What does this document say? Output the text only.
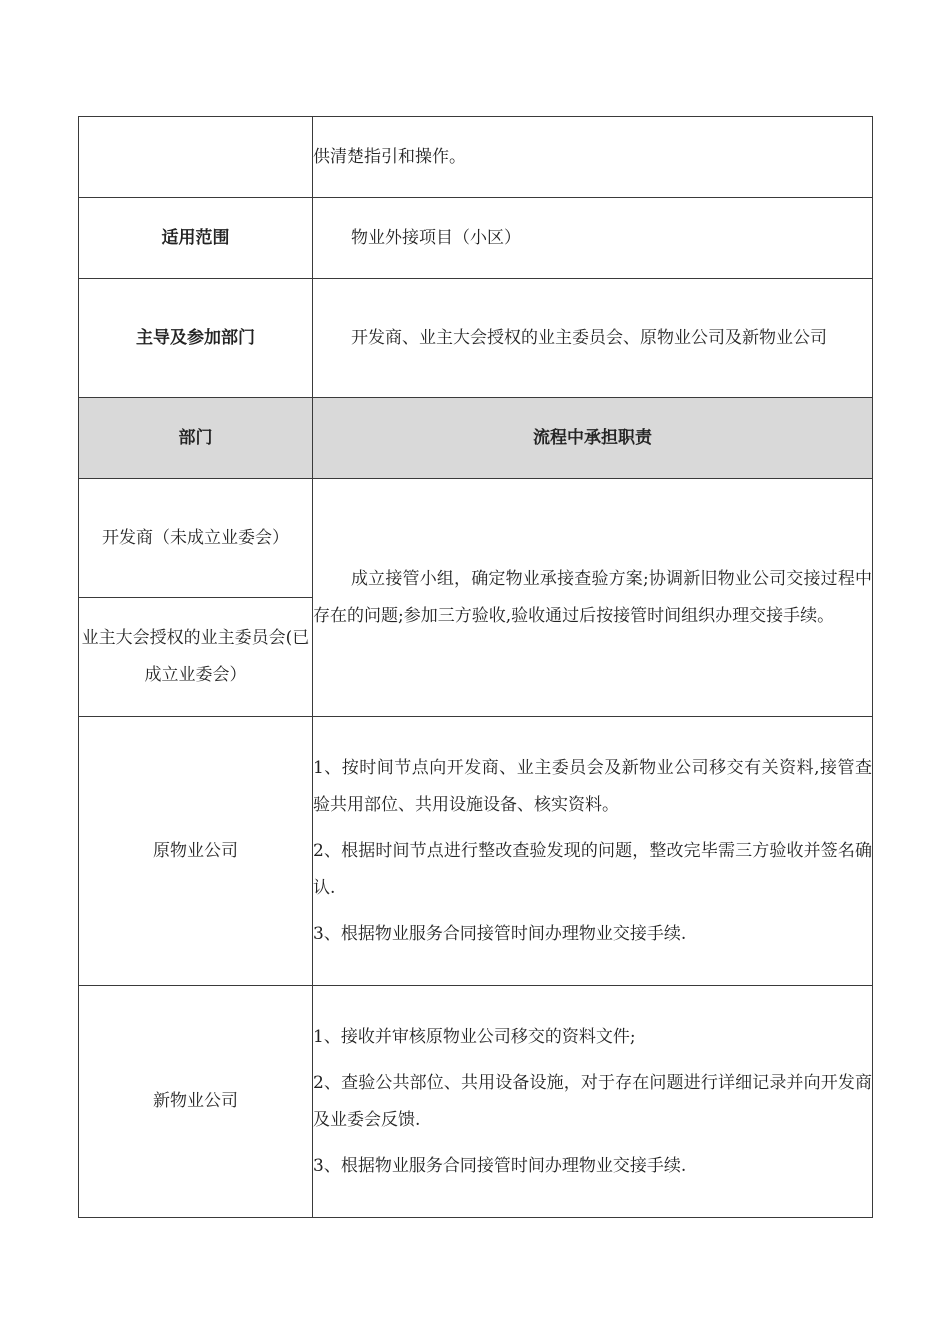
	供清楚指引和操作。
适用范围	物业外接项目（小区）
主导及参加部门	开发商、业主大会授权的业主委员会、原物业公司及新物业公司
部门	流程中承担职责
开发商（未成立业委会）	成立接管小组，确定物业承接查验方案;协调新旧物业公司交接过程中存在的问题;参加三方验收,验收通过后按接管时间组织办理交接手续。
业主大会授权的业主委员会(已成立业委会）	
原物业公司	1、按时间节点向开发商、业主委员会及新物业公司移交有关资料,接管查验共用部位、共用设施设备、核实资料。

2、根据时间节点进行整改查验发现的问题，整改完毕需三方验收并签名确认.

3、根据物业服务合同接管时间办理物业交接手续.

新物业公司	1、接收并审核原物业公司移交的资料文件;

2、查验公共部位、共用设备设施，对于存在问题进行详细记录并向开发商及业委会反馈.

3、根据物业服务合同接管时间办理物业交接手续.
